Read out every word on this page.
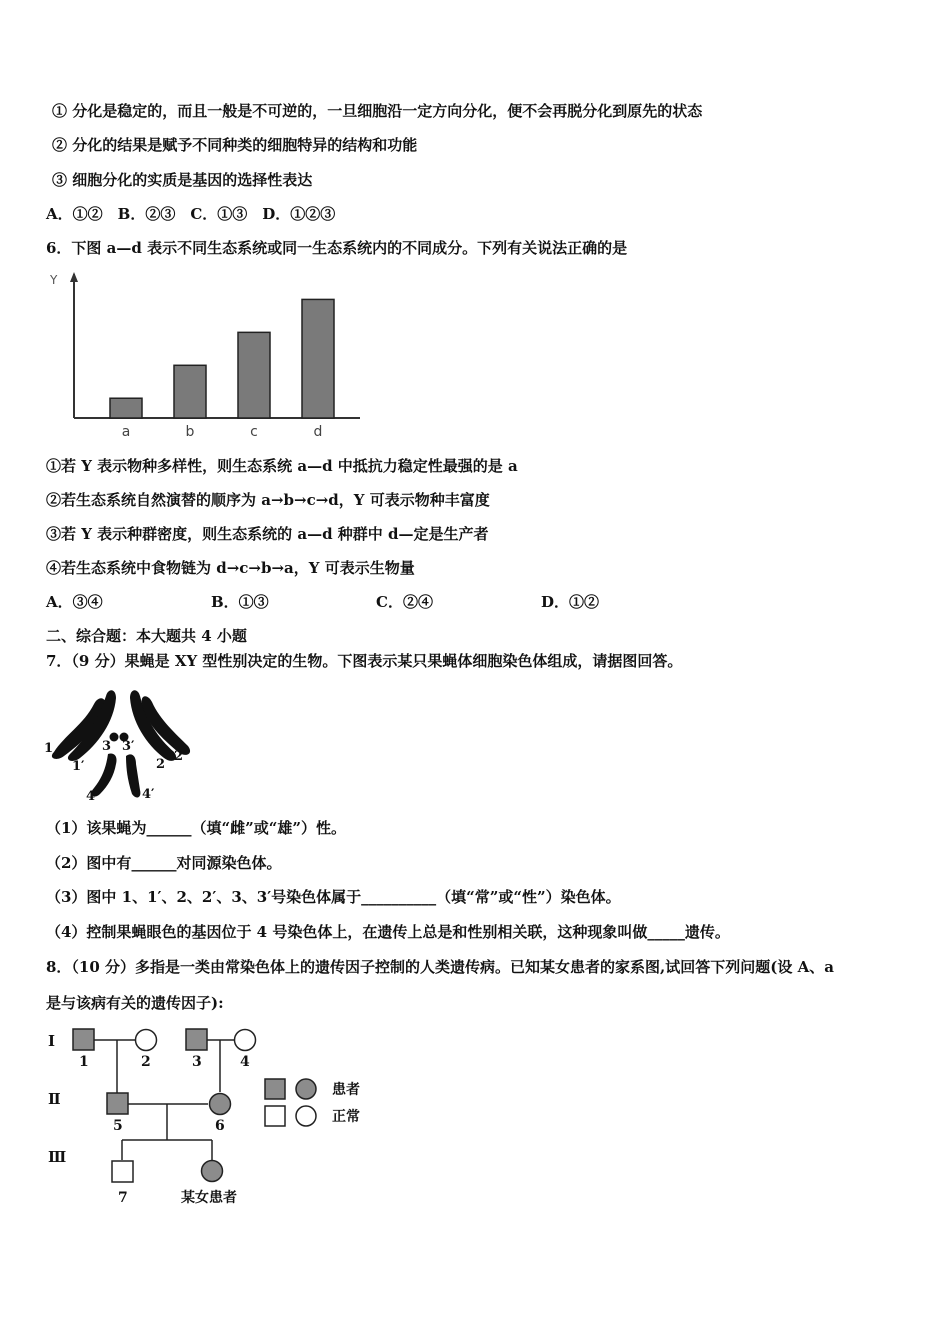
① 分化是稳定的，而且一般是不可逆的，一旦细胞沿一定方向分化，便不会再脱分化到原先的状态
② 分化的结果是赋予不同种类的细胞特异的结构和功能
③ 细胞分化的实质是基因的选择性表达
A．①②　B．②③　C．①③　D．①②③
6．下图 a—d 表示不同生态系统或同一生态系统内的不同成分。下列有关说法正确的是
Y
a	b	c	d
①若 Y 表示物种多样性，则生态系统 a—d 中抵抗力稳定性最强的是 a
②若生态系统自然演替的顺序为 a→b→c→d，Y 可表示物种丰富度
③若 Y 表示种群密度，则生态系统的 a—d 种群中 d—定是生产者
④若生态系统中食物链为 d→c→b→a，Y 可表示生物量
A．③④	B．①③	C．②④	D．①②
二、综合题：本大题共 4 小题
7．（9 分）果蝇是 XY 型性别决定的生物。下图表示某只果蝇体细胞染色体组成，请据图回答。
1
1′
3 3′
2
2′
4	4′
（1）该果蝇为______（填“雌”或“雄”）性。
（2）图中有______对同源染色体。
（3）图中 1、1′、2、2′、3、3′号染色体属于__________（填“常”或“性”）染色体。
（4）控制果蝇眼色的基因位于 4 号染色体上，在遗传上总是和性别相关联，这种现象叫做_____遗传。
8．（10 分）多指是一类由常染色体上的遗传因子控制的人类遗传病。已知某女患者的家系图,试回答下列问题(设 A、a
是与该病有关的遗传因子):
Ⅰ
Ⅱ
Ⅲ
1	2	3	4
5	6
7	某女患者
患者
正常
